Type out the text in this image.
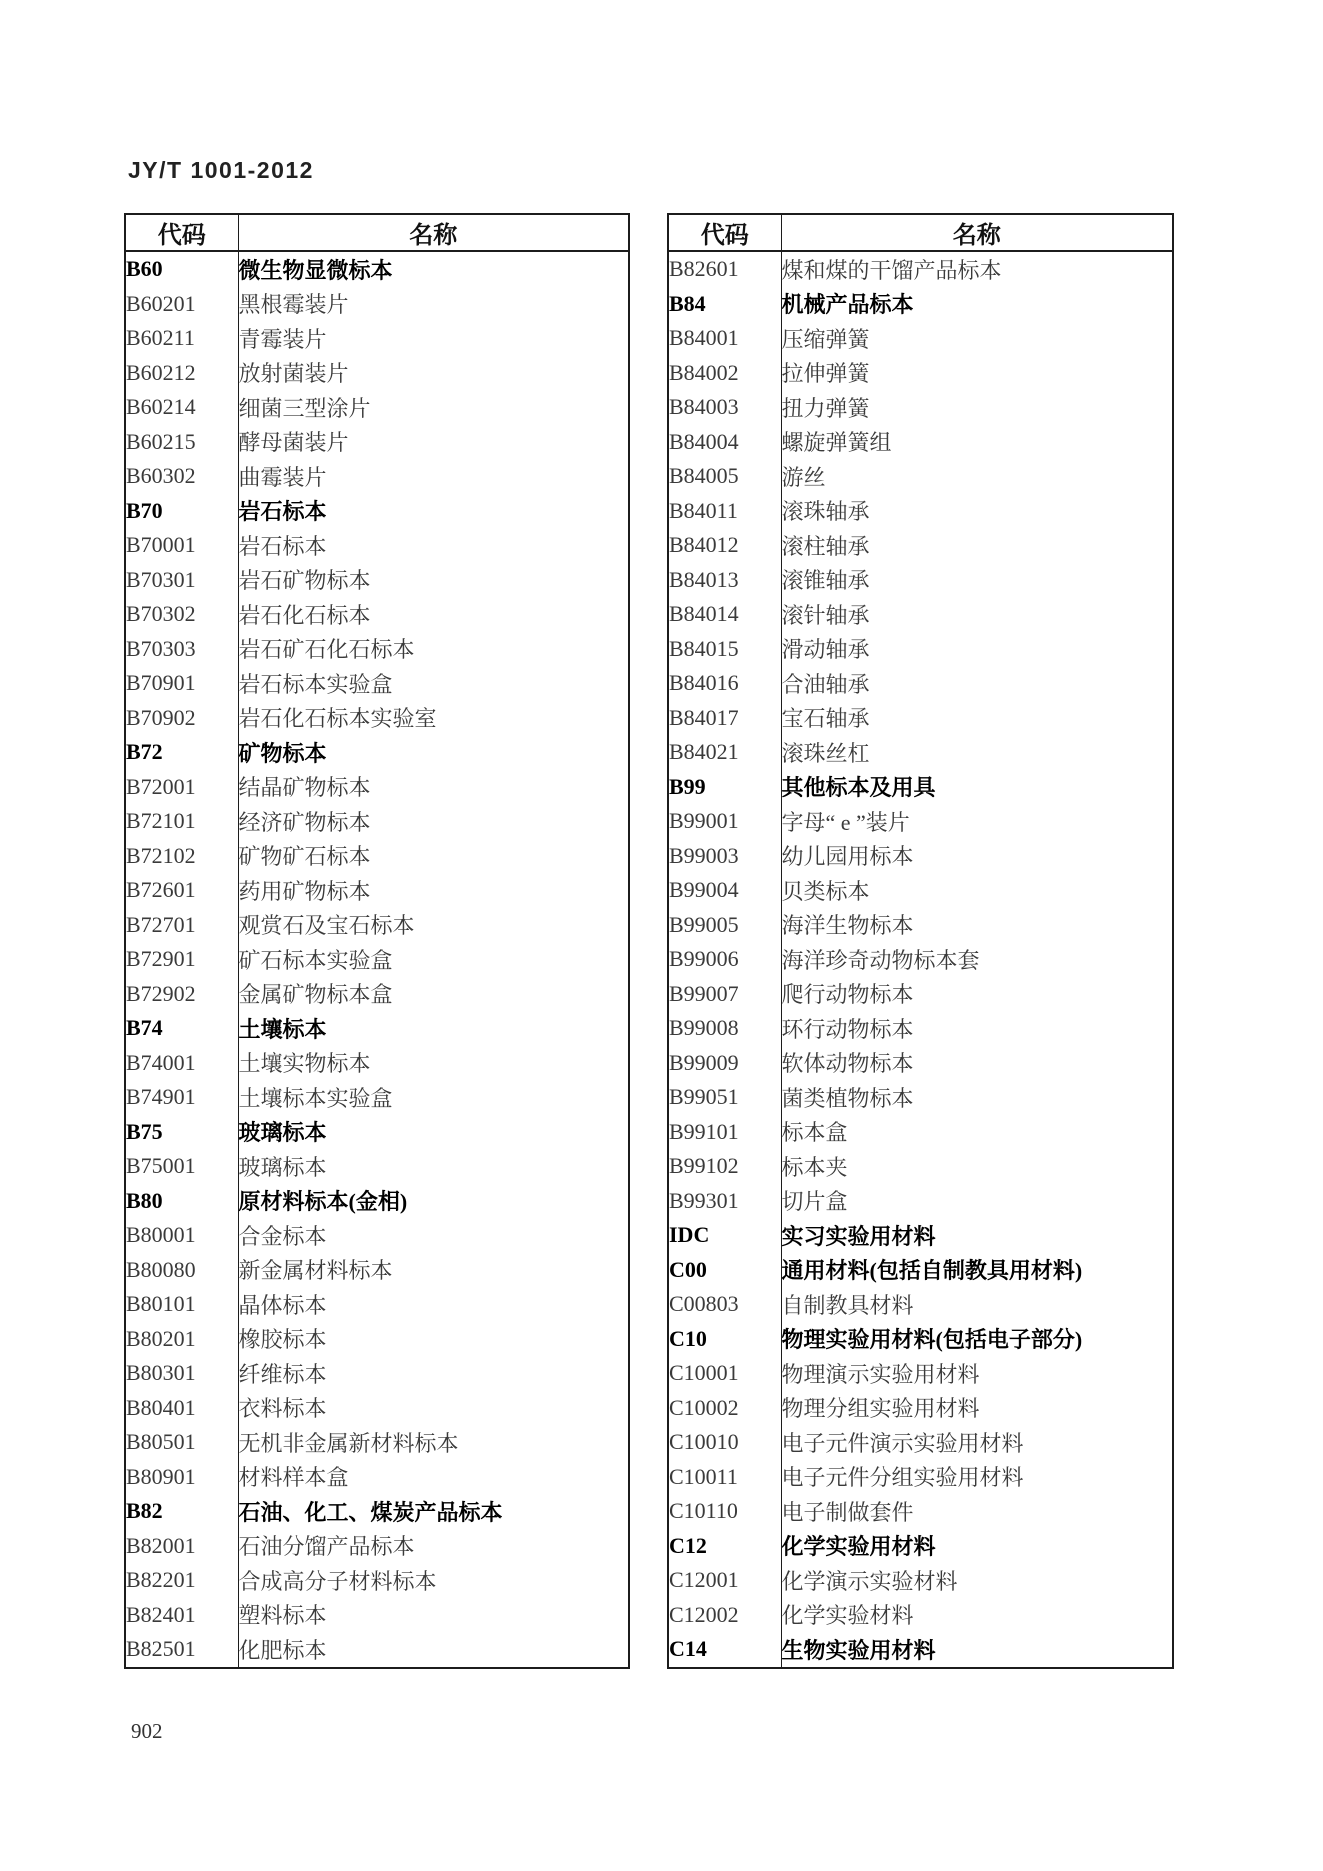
JY/T 1001-2012
代码	名称
B60	微生物显微标本
B60201	黑根霉装片
B60211	青霉装片
B60212	放射菌装片
B60214	细菌三型涂片
B60215	酵母菌装片
B60302	曲霉装片
B70	岩石标本
B70001	岩石标本
B70301	岩石矿物标本
B70302	岩石化石标本
B70303	岩石矿石化石标本
B70901	岩石标本实验盒
B70902	岩石化石标本实验室
B72	矿物标本
B72001	结晶矿物标本
B72101	经济矿物标本
B72102	矿物矿石标本
B72601	药用矿物标本
B72701	观赏石及宝石标本
B72901	矿石标本实验盒
B72902	金属矿物标本盒
B74	土壤标本
B74001	土壤实物标本
B74901	土壤标本实验盒
B75	玻璃标本
B75001	玻璃标本
B80	原材料标本(金相)
B80001	合金标本
B80080	新金属材料标本
B80101	晶体标本
B80201	橡胶标本
B80301	纤维标本
B80401	衣料标本
B80501	无机非金属新材料标本
B80901	材料样本盒
B82	石油、化工、煤炭产品标本
B82001	石油分馏产品标本
B82201	合成高分子材料标本
B82401	塑料标本
B82501	化肥标本
代码	名称
B82601	煤和煤的干馏产品标本
B84	机械产品标本
B84001	压缩弹簧
B84002	拉伸弹簧
B84003	扭力弹簧
B84004	螺旋弹簧组
B84005	游丝
B84011	滚珠轴承
B84012	滚柱轴承
B84013	滚锥轴承
B84014	滚针轴承
B84015	滑动轴承
B84016	合油轴承
B84017	宝石轴承
B84021	滚珠丝杠
B99	其他标本及用具
B99001	字母“ e ”装片
B99003	幼儿园用标本
B99004	贝类标本
B99005	海洋生物标本
B99006	海洋珍奇动物标本套
B99007	爬行动物标本
B99008	环行动物标本
B99009	软体动物标本
B99051	菌类植物标本
B99101	标本盒
B99102	标本夹
B99301	切片盒
IDC	实习实验用材料
C00	通用材料(包括自制教具用材料)
C00803	自制教具材料
C10	物理实验用材料(包括电子部分)
C10001	物理演示实验用材料
C10002	物理分组实验用材料
C10010	电子元件演示实验用材料
C10011	电子元件分组实验用材料
C10110	电子制做套件
C12	化学实验用材料
C12001	化学演示实验材料
C12002	化学实验材料
C14	生物实验用材料
902
